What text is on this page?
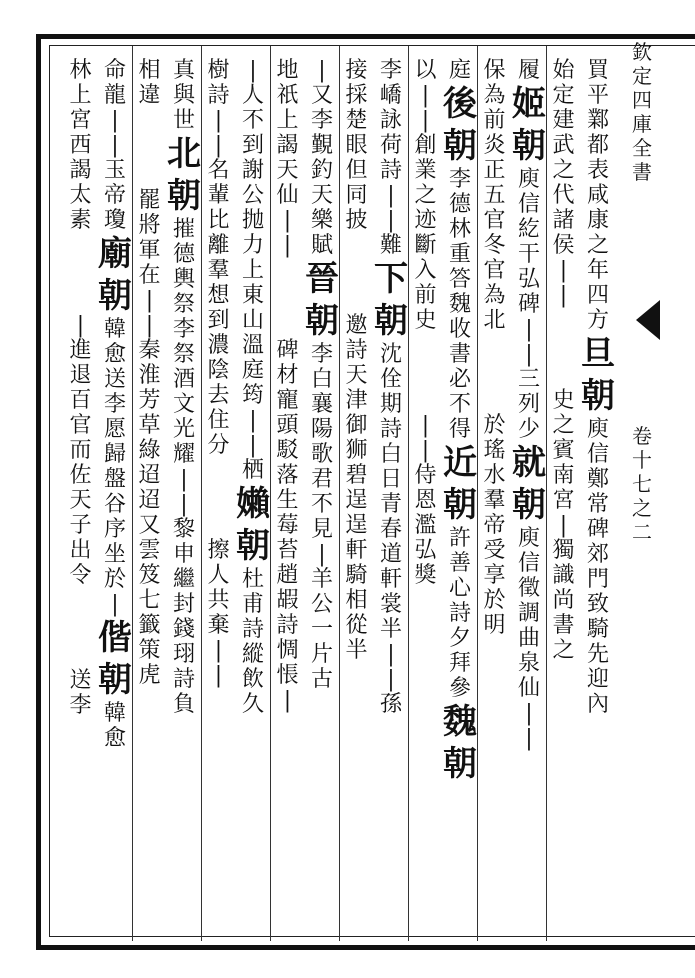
欽
定
四
庫
全
書
卷
十
七
之
二
買
平
鄴
都
表
咸
康
之
年
四
方
旦
朝
庾
信
鄭
常
碑
郊
門
致
騎
先
迎
內
始
定
建
武
之
代
諸
侯
|
|
史
之
賓
南
宮
|
獨
識
尚
書
之
履
姬
朝
庾
信
紇
干
弘
碑
|
|
三
列
少
就
朝
庾
信
徵
調
曲
泉
仙
|
|
保
為
前
炎
正
五
官
冬
官
為
北
於
瑤
水
羣
帝
受
享
於
明
庭
後
朝
李
德
林
重
答
魏
收
書
必
不
得
近
朝
許
善
心
詩
夕
拜
參
魏
朝
以
|
|
創
業
之
迹
斷
入
前
史
|
|
侍
恩
濫
弘
獎
李
嶠
詠
荷
詩
|
|
難
下
朝
沈
佺
期
詩
白
日
青
春
道
軒
裳
半
|
|
孫
接
採
楚
眼
但
同
披
邀
詩
天
津
御
狮
碧
逞
逞
軒
騎
相
從
半
|
又
李
覲
釣
天
樂
賦
晉
朝
李
白
襄
陽
歌
君
不
見
|
羊
公
一
片
古
地
祇
上
謁
天
仙
|
|
碑
材
寵
頭
駁
落
生
莓
苔
趙
嘏
詩
惆
悵
|
|
人
不
到
謝
公
抛
力
上
東
山
溫
庭
筠
|
|
栖
嬾
朝
杜
甫
詩
縱
飲
久
樹
詩
|
|
名
輩
比
離
羣
想
到
濃
陰
去
住
分
擦
人
共
棄
|
|
真
與
世
北
朝
摧
德
輿
祭
李
祭
酒
文
光
耀
|
|
黎
申
繼
封
錢
珝
詩
負
相
違
罷
將
軍
在
|
|
秦
淮
芳
草
綠
迢
迢
又
雲
笈
七
籤
策
虎
命
龍
|
|
玉
帝
瓊
廟
朝
韓
愈
送
李
愿
歸
盤
谷
序
坐
於
|
偕
朝
韓
愈
林
上
宮
西
謁
太
素
|
進
退
百
官
而
佐
天
子
出
令
送
李
